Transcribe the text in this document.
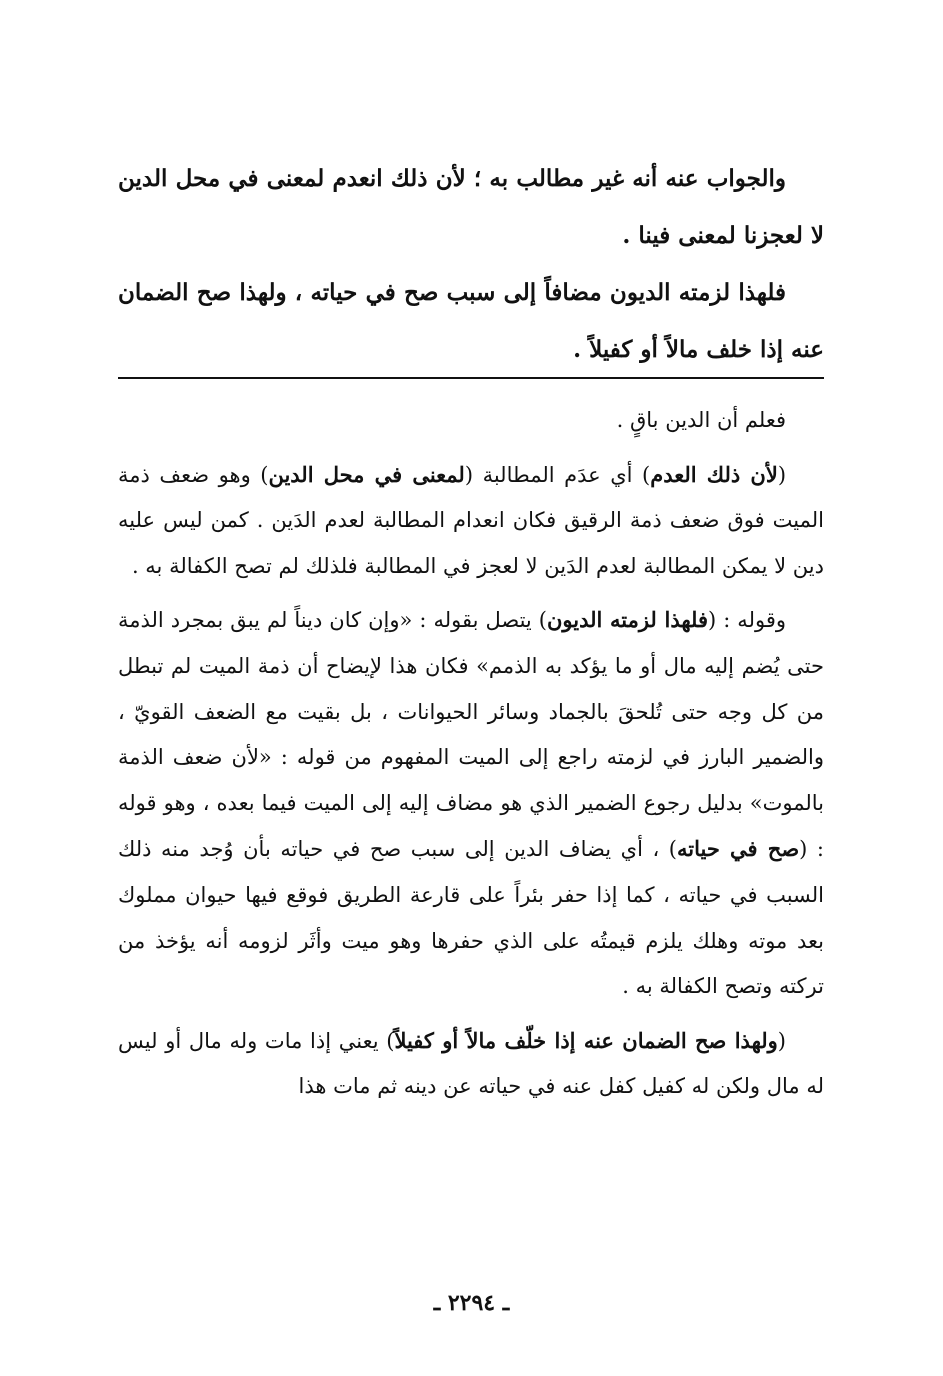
والجواب عنه أنه غير مطالب به ؛ لأن ذلك انعدم لمعنى في محل الدين لا لعجزنا لمعنى فينا .

فلهذا لزمته الديون مضافاً إلى سبب صح في حياته ، ولهذا صح الضمان عنه إذا خلف مالاً أو كفيلاً .

فعلم أن الدين باقٍ .

(لأن ذلك العدم) أي عدَم المطالبة (لمعنى في محل الدين) وهو ضعف ذمة الميت فوق ضعف ذمة الرقيق فكان انعدام المطالبة لعدم الدَين . كمن ليس عليه دين لا يمكن المطالبة لعدم الدَين لا لعجز في المطالبة فلذلك لم تصح الكفالة به .

وقوله : (فلهذا لزمته الديون) يتصل بقوله : «وإن كان ديناً لم يبق بمجرد الذمة حتى يُضم إليه مال أو ما يؤكد به الذمم» فكان هذا لإيضاح أن ذمة الميت لم تبطل من كل وجه حتى تُلحقَ بالجماد وسائر الحيوانات ، بل بقيت مع الضعف القويّ ، والضمير البارز في لزمته راجع إلى الميت المفهوم من قوله : «لأن ضعف الذمة بالموت» بدليل رجوع الضمير الذي هو مضاف إليه إلى الميت فيما بعده ، وهو قوله : (صح في حياته) ، أي يضاف الدين إلى سبب صح في حياته بأن وُجد منه ذلك السبب في حياته ، كما إذا حفر بئراً على قارعة الطريق فوقع فيها حيوان مملوك بعد موته وهلك يلزم قيمتُه على الذي حفرها وهو ميت وأثَر لزومه أنه يؤخذ من تركته وتصح الكفالة به .

(ولهذا صح الضمان عنه إذا خلّف مالاً أو كفيلاً) يعني إذا مات وله مال أو ليس له مال ولكن له كفيل كفل عنه في حياته عن دينه ثم مات هذا

ـ ٢٢٩٤ ـ
